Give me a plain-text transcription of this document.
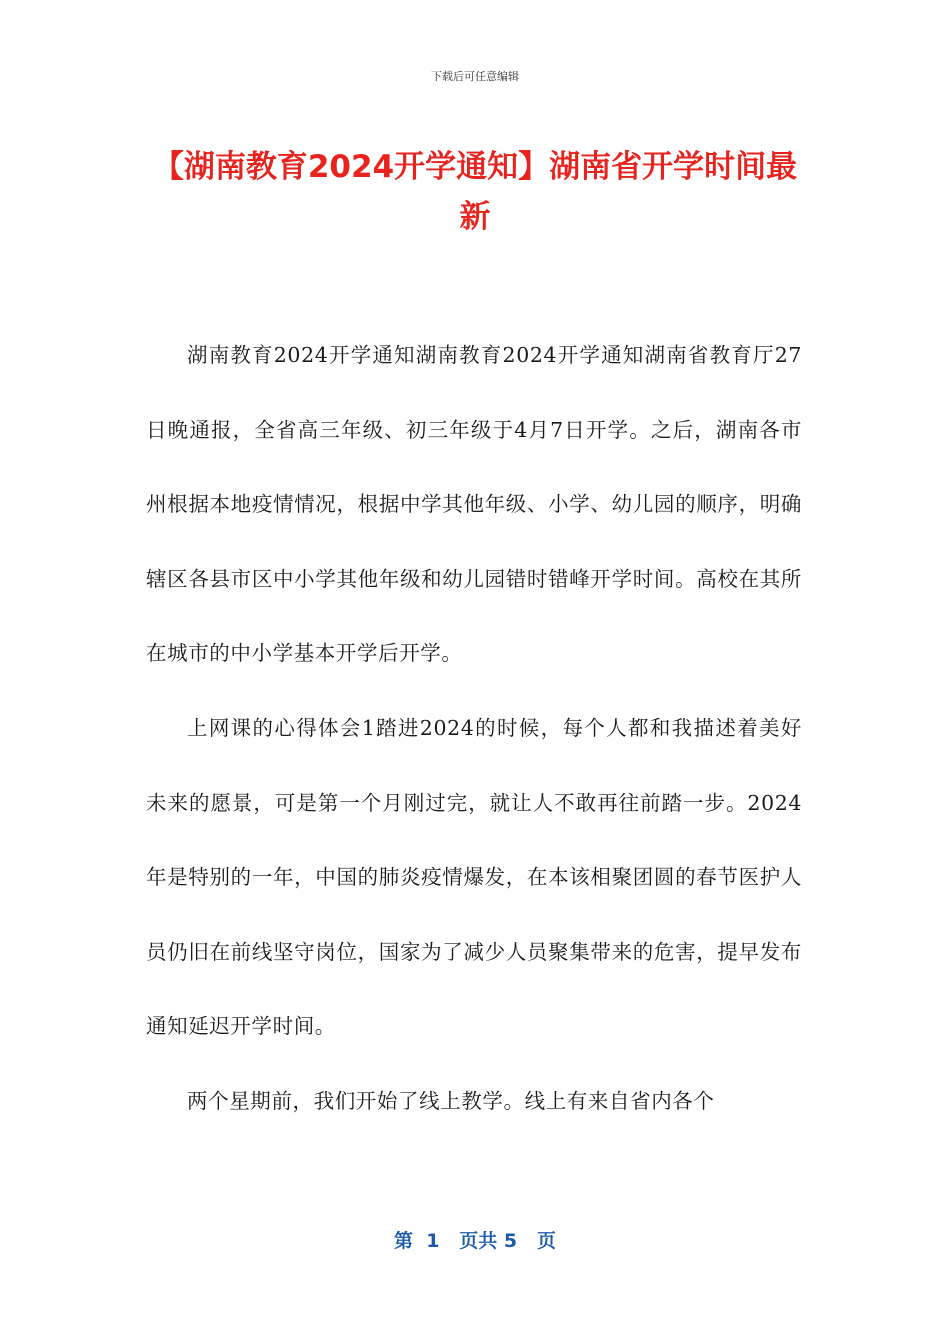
下载后可任意编辑
【湖南教育2024开学通知】湖南省开学时间最新

湖南教育2024开学通知湖南教育2024开学通知湖南省教育厅27日晚通报，全省高三年级、初三年级于4月7日开学。之后，湖南各市州根据本地疫情情况，根据中学其他年级、小学、幼儿园的顺序，明确辖区各县市区中小学其他年级和幼儿园错时错峰开学时间。高校在其所在城市的中小学基本开学后开学。

上网课的心得体会1踏进2024的时候，每个人都和我描述着美好未来的愿景，可是第一个月刚过完，就让人不敢再往前踏一步。2024年是特别的一年，中国的肺炎疫情爆发，在本该相聚团圆的春节医护人员仍旧在前线坚守岗位，国家为了减少人员聚集带来的危害，提早发布通知延迟开学时间。

两个星期前，我们开始了线上教学。线上有来自省内各个

第  1   页共 5   页
